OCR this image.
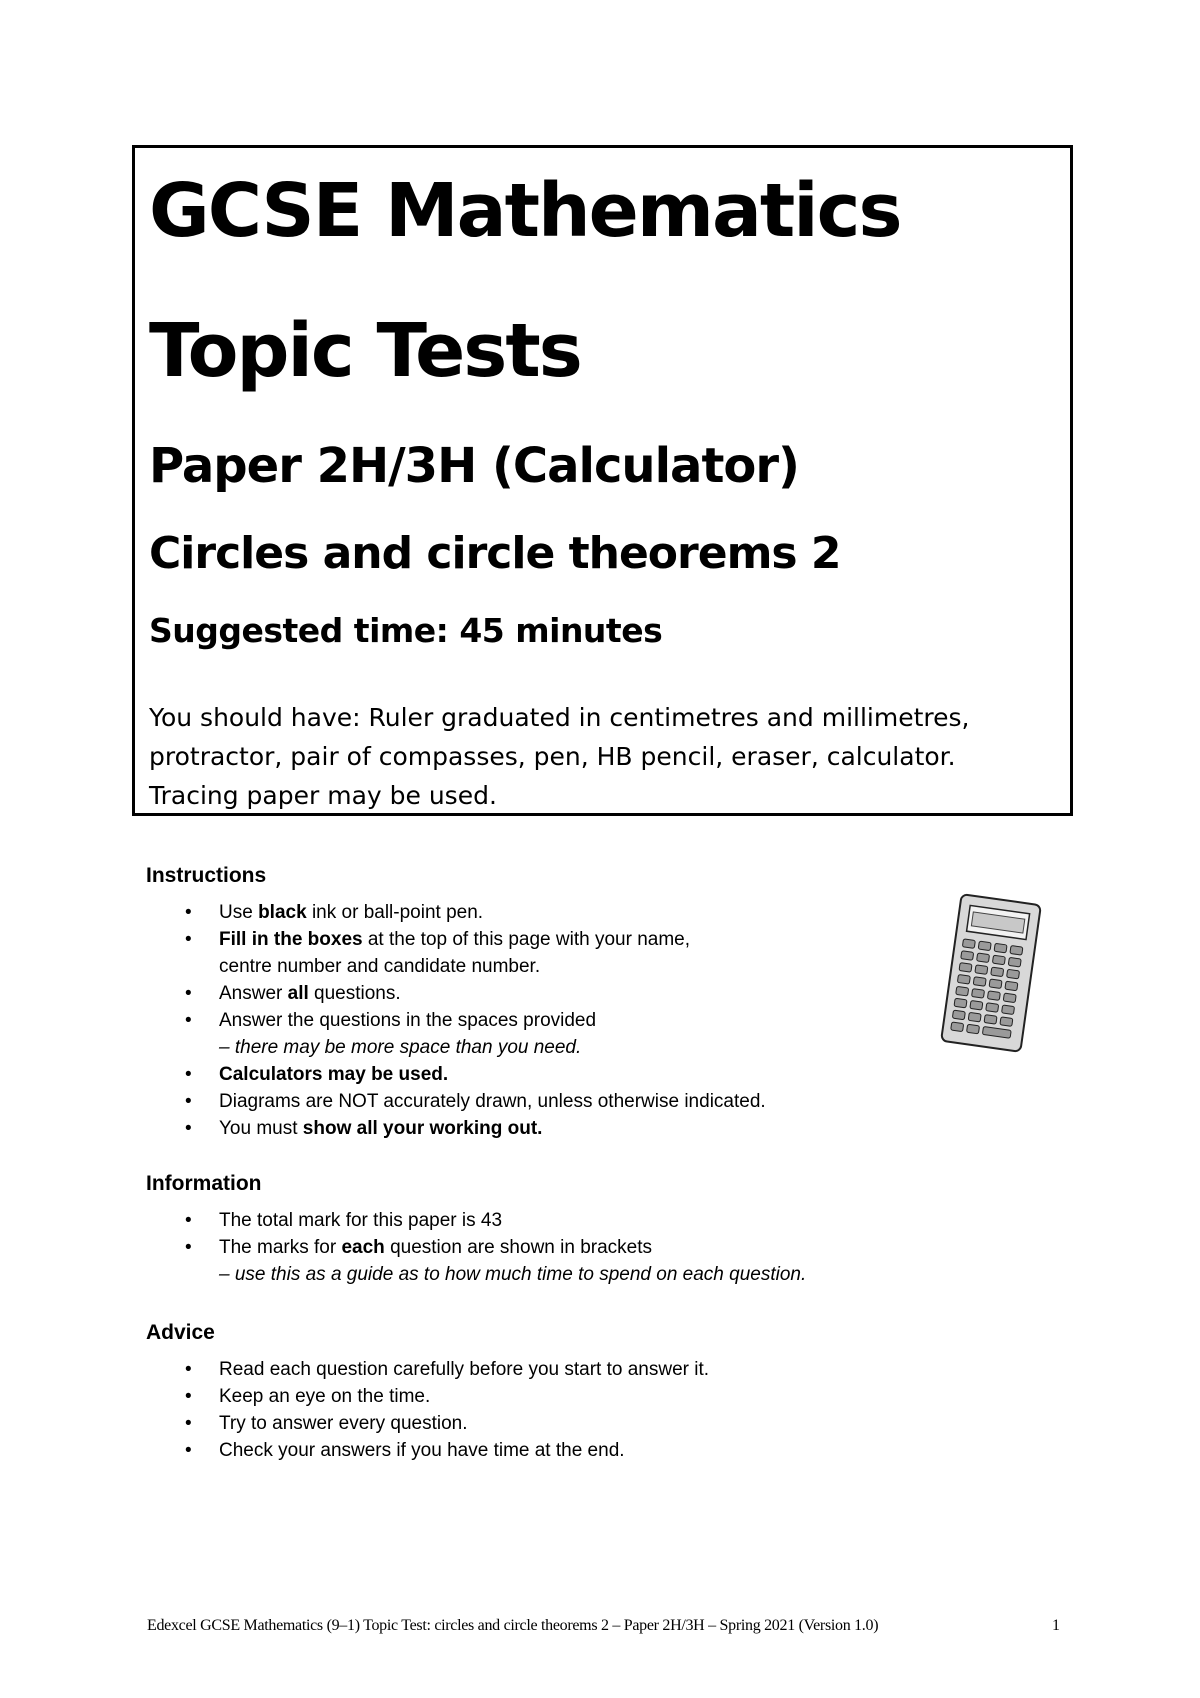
GCSE Mathematics
Topic Tests
Paper 2H/3H (Calculator)
Circles and circle theorems 2
Suggested time: 45 minutes
You should have: Ruler graduated in centimetres and millimetres,
protractor, pair of compasses, pen, HB pencil, eraser, calculator.
Tracing paper may be used.

Instructions

• Use black ink or ball-point pen.
• Fill in the boxes at the top of this page with your name,
centre number and candidate number.
• Answer all questions.
• Answer the questions in the spaces provided
– there may be more space than you need.
• Calculators may be used.
• Diagrams are NOT accurately drawn, unless otherwise indicated.
• You must show all your working out.

Information

• The total mark for this paper is 43
• The marks for each question are shown in brackets
– use this as a guide as to how much time to spend on each question.

Advice

• Read each question carefully before you start to answer it.
• Keep an eye on the time.
• Try to answer every question.
• Check your answers if you have time at the end.
Edexcel GCSE Mathematics (9–1) Topic Test: circles and circle theorems 2 – Paper 2H/3H – Spring 2021 (Version 1.0)	1
